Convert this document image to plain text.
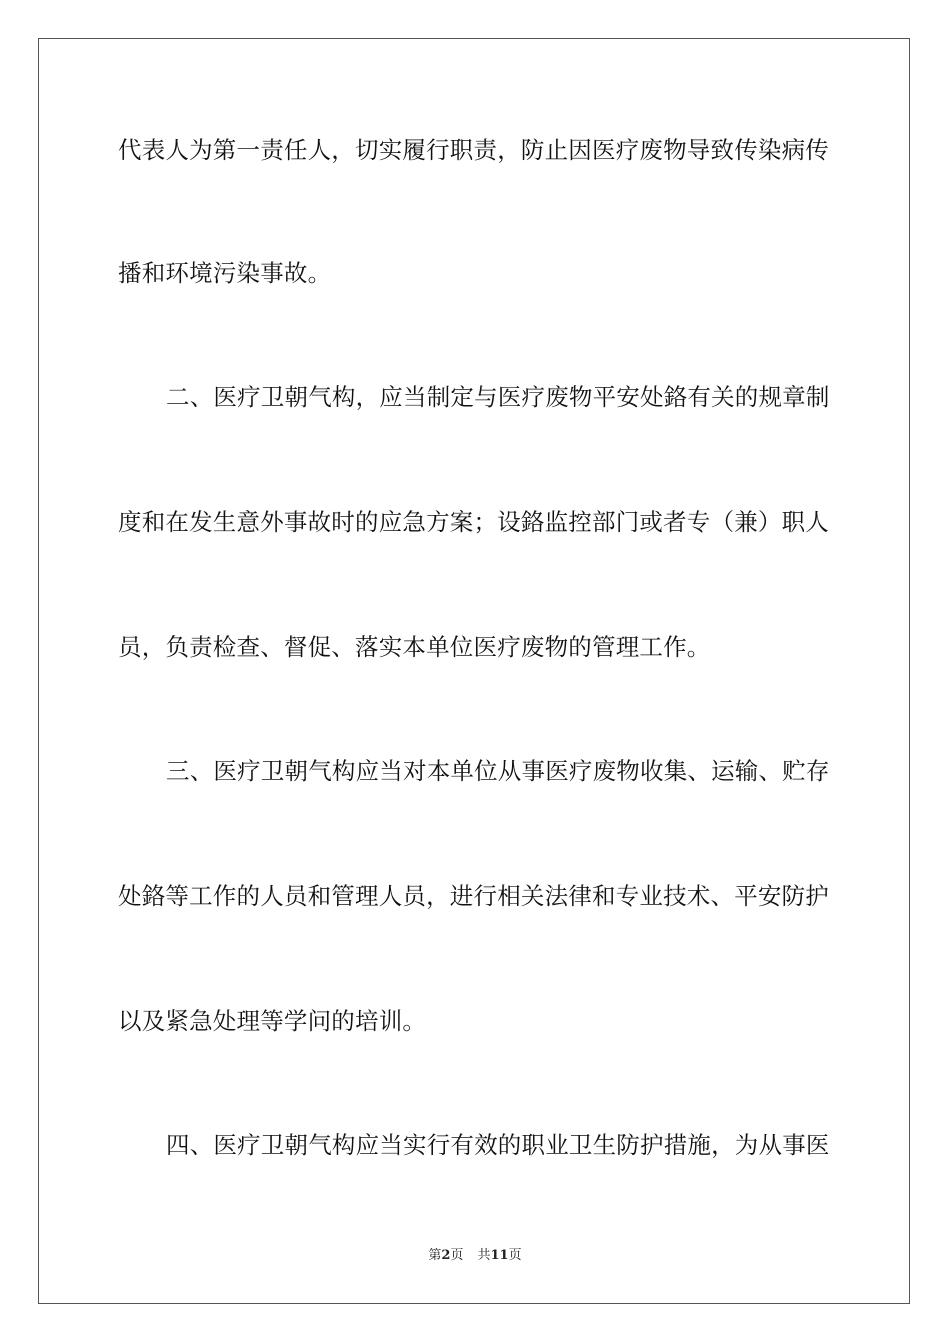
代表人为第一责任人，切实履行职责，防止因医疗废物导致传染病传

播和环境污染事故。

二、医疗卫朝气构，应当制定与医疗废物平安处鉻有关的规章制

度和在发生意外事故时的应急方案；设鉻监控部门或者专（兼）职人

员，负责检查、督促、落实本单位医疗废物的管理工作。

三、医疗卫朝气构应当对本单位从事医疗废物收集、运输、贮存

处鉻等工作的人员和管理人员，进行相关法律和专业技术、平安防护

以及紧急处理等学问的培训。

四、医疗卫朝气构应当实行有效的职业卫生防护措施，为从事医

第2页 共11页
